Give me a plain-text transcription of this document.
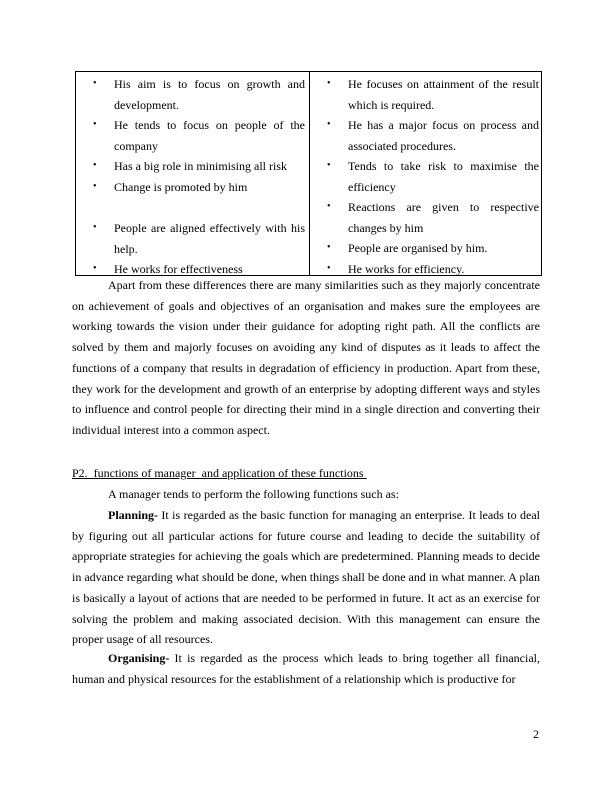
• His aim is to focus on growth and development.
• He tends to focus on people of the company
• Has a big role in minimising all risk
• Change is promoted by him
• People are aligned effectively with his help.
• He works for effectiveness
• He focuses on attainment of the result which is required.
• He has a major focus on process and associated procedures.
• Tends to take risk to maximise the efficiency
• Reactions are given to respective changes by him
• People are organised by him.
• He works for efficiency.

Apart from these differences there are many similarities such as they majorly concentrate on achievement of goals and objectives of an organisation and makes sure the employees are working towards the vision under their guidance for adopting right path. All the conflicts are solved by them and majorly focuses on avoiding any kind of disputes as it leads to affect the functions of a company that results in degradation of efficiency in production. Apart from these, they work for the development and growth of an enterprise by adopting different ways and styles to influence and control people for directing their mind in a single direction and converting their individual interest into a common aspect.

P2.  functions of manager  and application of these functions

A manager tends to perform the following functions such as:

Planning- It is regarded as the basic function for managing an enterprise. It leads to deal by figuring out all particular actions for future course and leading to decide the suitability of appropriate strategies for achieving the goals which are predetermined. Planning meads to decide in advance regarding what should be done, when things shall be done and in what manner. A plan is basically a layout of actions that are needed to be performed in future. It act as an exercise for solving the problem and making associated decision. With this management can ensure the proper usage of all resources.

Organising- It is regarded as the process which leads to bring together all financial, human and physical resources for the establishment of a relationship which is productive for

2
